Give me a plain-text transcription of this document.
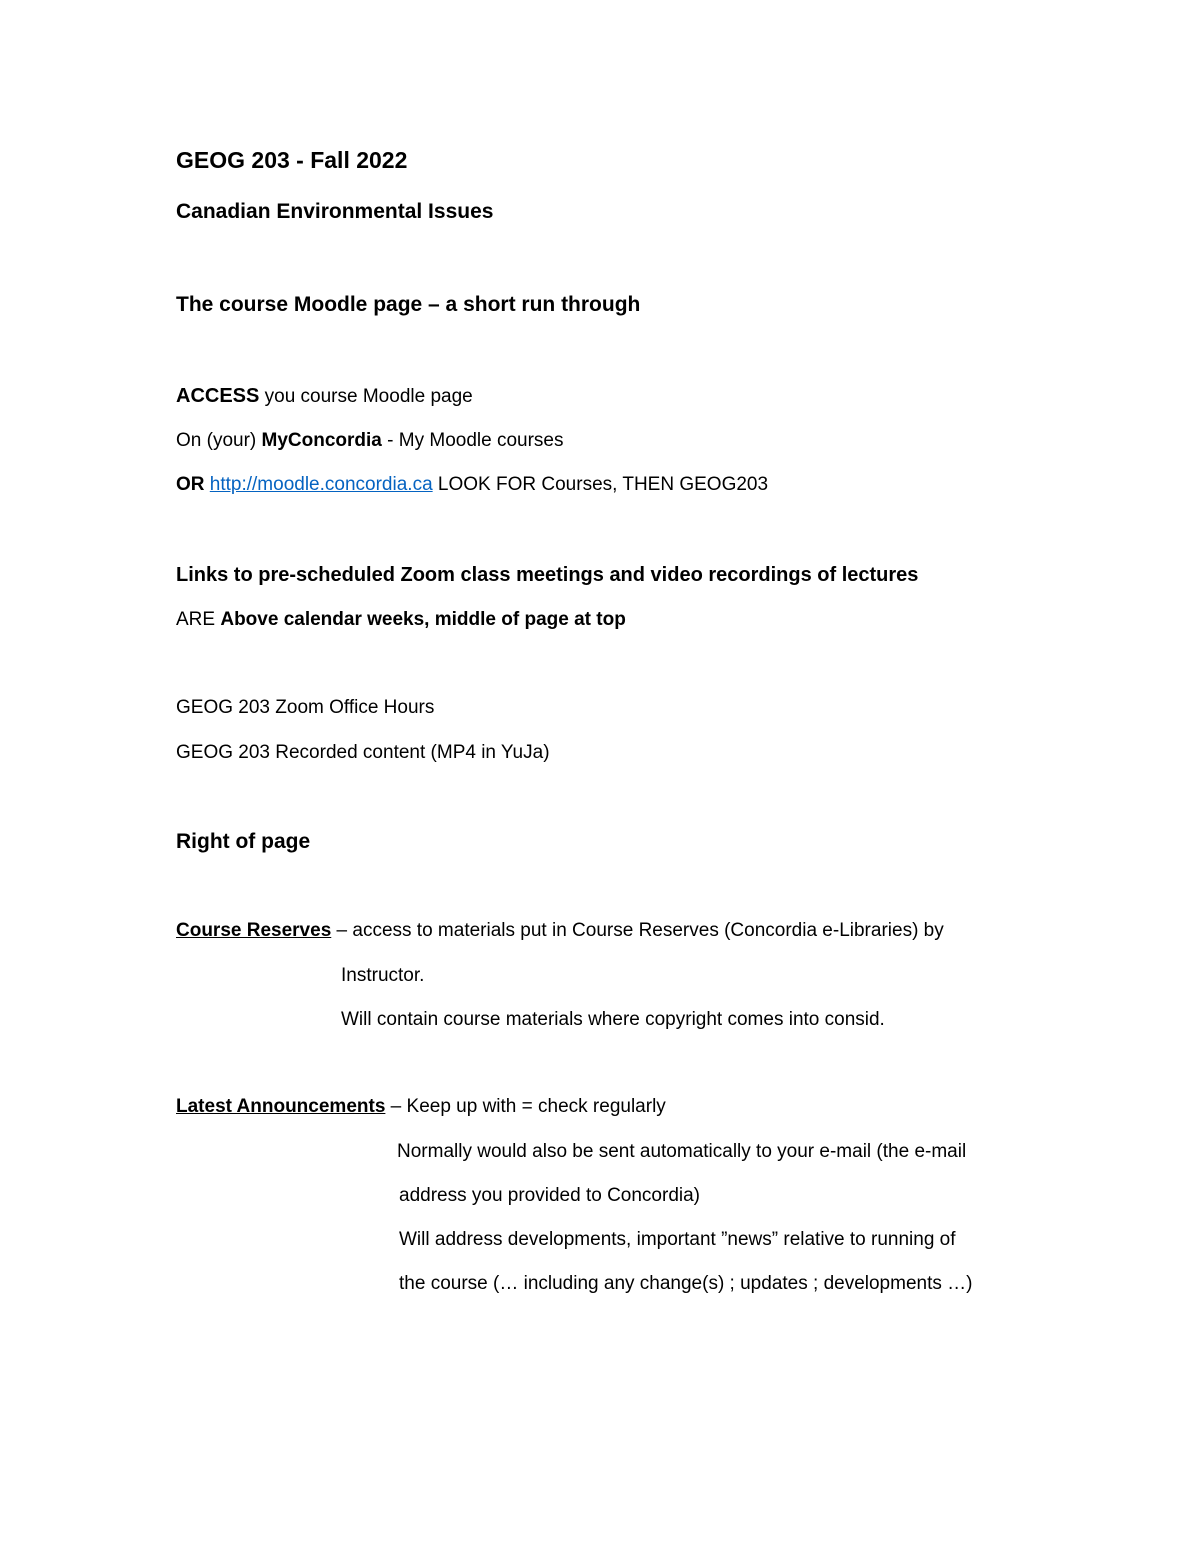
GEOG 203 - Fall 2022
Canadian Environmental Issues
The course Moodle page – a short run through
ACCESS you course Moodle page
On (your) MyConcordia - My Moodle courses
OR http://moodle.concordia.ca LOOK FOR Courses, THEN GEOG203
Links to pre-scheduled Zoom class meetings and video recordings of lectures
ARE Above calendar weeks, middle of page at top
GEOG 203 Zoom Office Hours
GEOG 203 Recorded content (MP4 in YuJa)
Right of page
Course Reserves – access to materials put in Course Reserves (Concordia e-Libraries) by
Instructor.
Will contain course materials where copyright comes into consid.
Latest Announcements – Keep up with = check regularly
Normally would also be sent automatically to your e-mail (the e-mail
address you provided to Concordia)
Will address developments, important ”news” relative to running of
the course (… including any change(s) ; updates ; developments …)
